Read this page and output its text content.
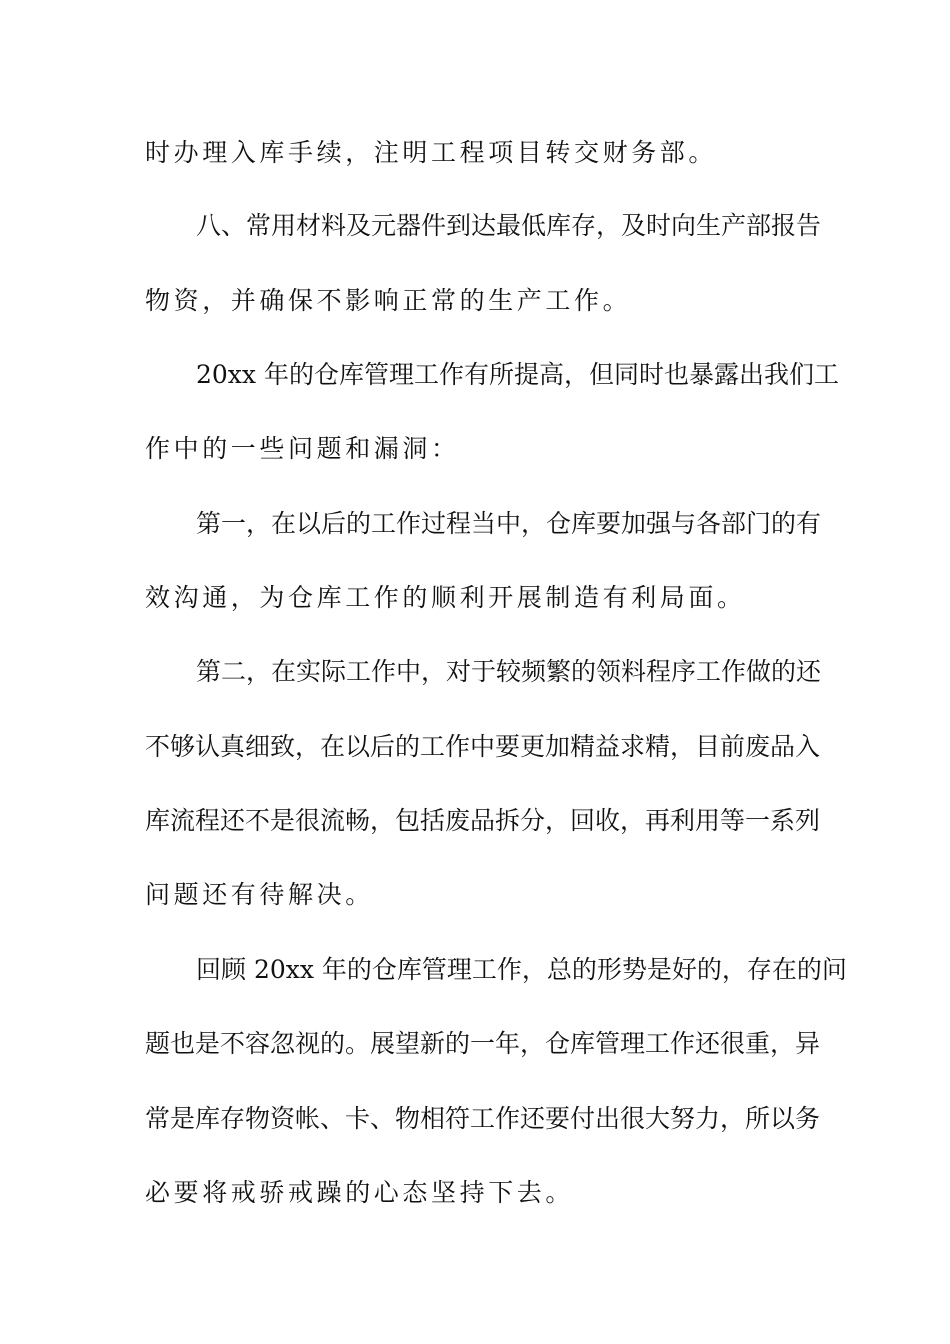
时办理入库手续，注明工程项目转交财务部。
八、常用材料及元器件到达最低库存，及时向生产部报告
物资，并确保不影响正常的生产工作。
20xx 年的仓库管理工作有所提高，但同时也暴露出我们工
作中的一些问题和漏洞：
第一，在以后的工作过程当中，仓库要加强与各部门的有
效沟通，为仓库工作的顺利开展制造有利局面。
第二，在实际工作中，对于较频繁的领料程序工作做的还
不够认真细致，在以后的工作中要更加精益求精，目前废品入
库流程还不是很流畅，包括废品拆分，回收，再利用等一系列
问题还有待解决。
回顾 20xx 年的仓库管理工作，总的形势是好的，存在的问
题也是不容忽视的。展望新的一年，仓库管理工作还很重，异
常是库存物资帐、卡、物相符工作还要付出很大努力，所以务
必要将戒骄戒躁的心态坚持下去。
